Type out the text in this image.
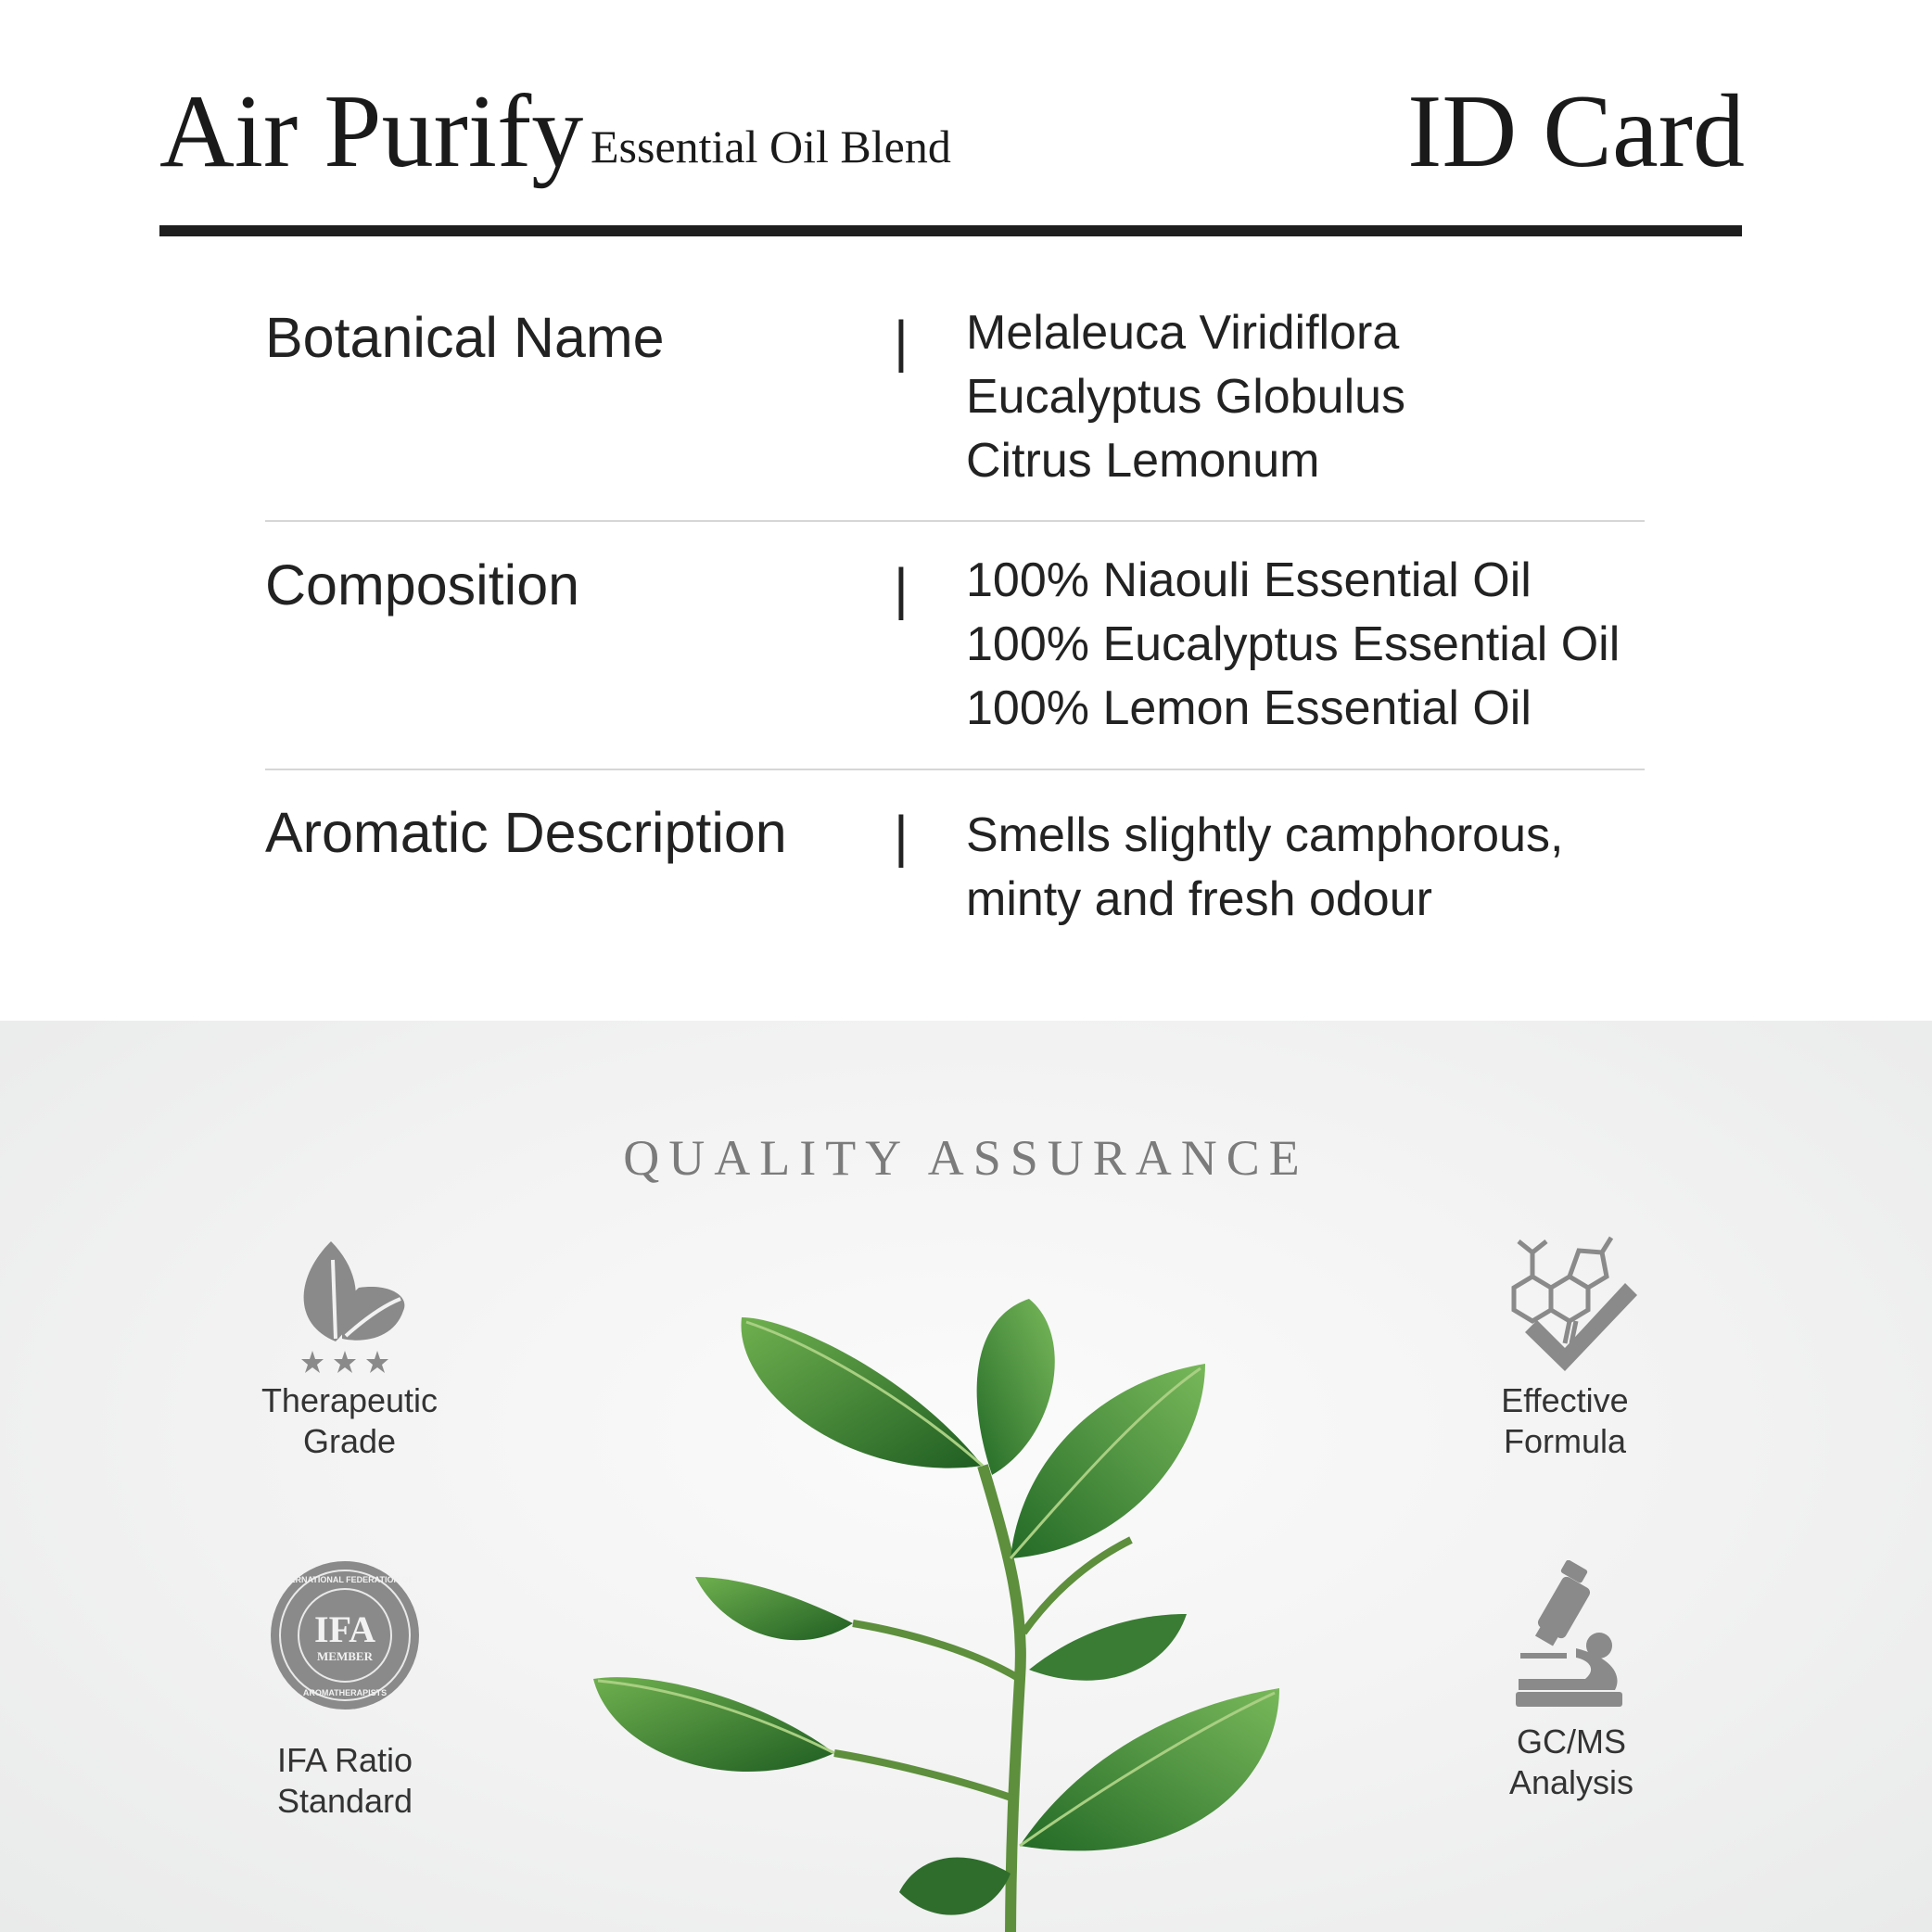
Air Purify Essential Oil Blend	ID Card
Botanical Name	| Melaleuca Viridiflora
Eucalyptus Globulus
Citrus Lemonum
Composition	| 100% Niaouli Essential Oil
100% Eucalyptus Essential Oil
100% Lemon Essential Oil
Aromatic Description | Smells slightly camphorous,
minty and fresh odour
QUALITY ASSURANCE
Therapeutic
Grade
Effective
Formula
IFA
MEMBER
INTERNATIONAL FEDERATION OF
AROMATHERAPISTS
IFA Ratio
Standard
GC/MS
Analysis
